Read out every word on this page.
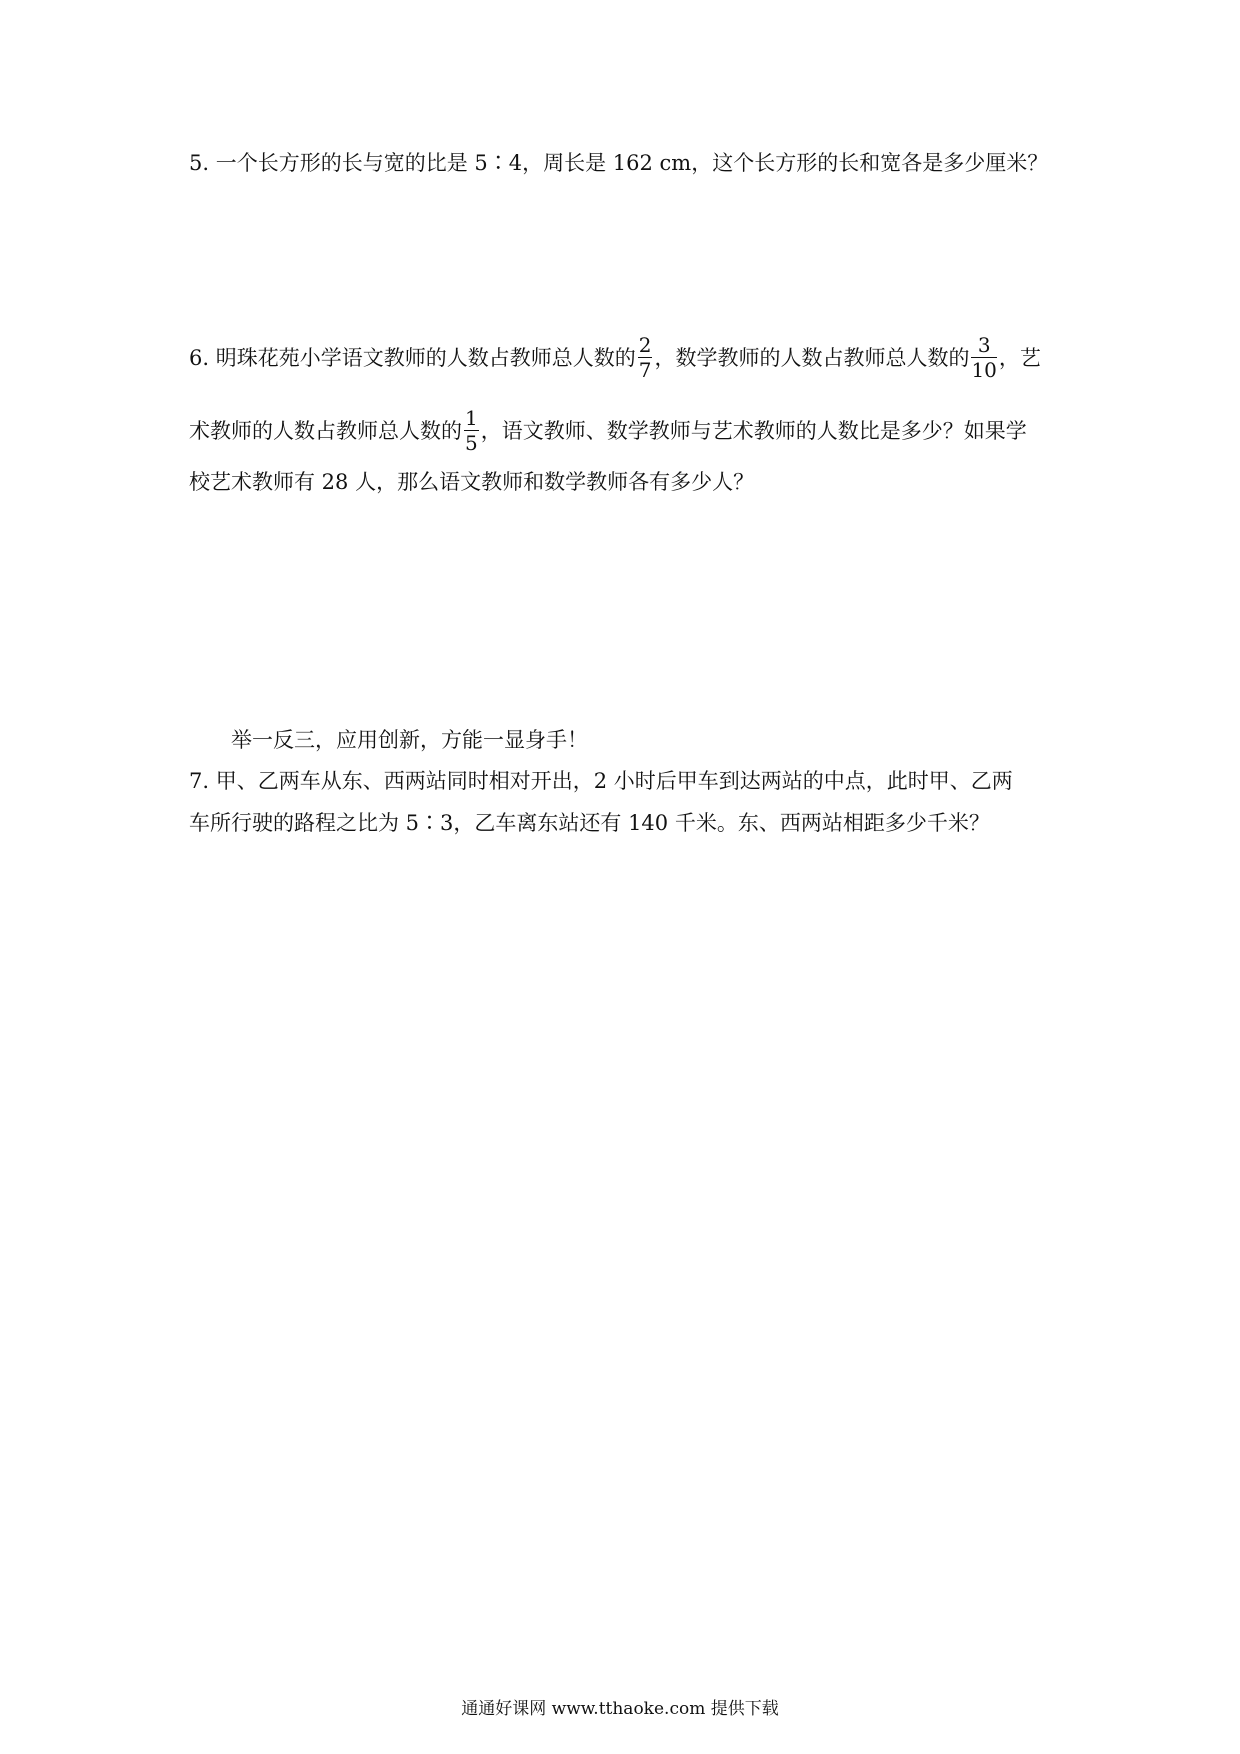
5. 一个长方形的长与宽的比是 5∶4，周长是 162 cm，这个长方形的长和宽各是多少厘米？
6. 明珠花苑小学语文教师的人数占教师总人数的 $\frac{2}{7}$ ，数学教师的人数占教师总人数的 $\frac{3}{10}$ ，艺
术教师的人数占教师总人数的 $\frac{1}{5}$ ，语文教师、数学教师与艺术教师的人数比是多少？如果学
校艺术教师有 28 人，那么语文教师和数学教师各有多少人？
举一反三，应用创新，方能一显身手！
7. 甲、乙两车从东、西两站同时相对开出，2 小时后甲车到达两站的中点，此时甲、乙两
车所行驶的路程之比为 5∶3，乙车离东站还有 140 千米。东、西两站相距多少千米？
通通好课网 www.tthaoke.com 提供下载
